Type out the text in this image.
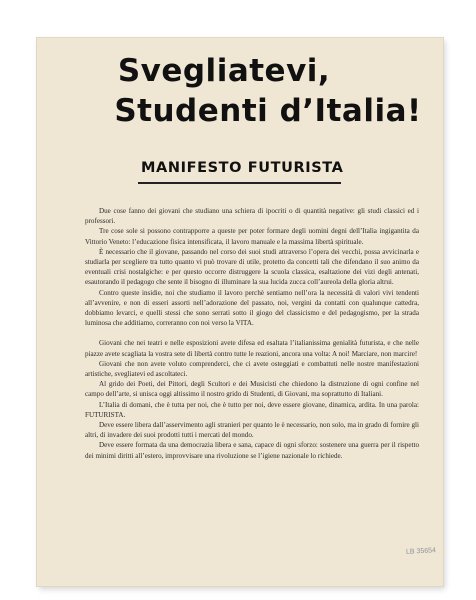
Svegliatevi,
Studenti d’Italia!
MANIFESTO FUTURISTA

Due cose fanno dei giovani che studiano una schiera di ipocriti o di quantità negative: gli studi classici ed i professori.

Tre cose sole si possono contrapporre a queste per poter formare degli uomini degni dell’Italia ingigantita da Vittorio Veneto: l’educazione fisica intensificata, il lavoro manuale e la massima libertà spirituale.

È necessario che il giovane, passando nel corso dei suoi studi attraverso l’opera dei vecchi, possa avvicinarla e studiarla per scegliere tra tutto quanto vi può trovare di utile, protetto da concetti tali che difendano il suo animo da eventuali crisi nostalgiche: e per questo occorre distruggere la scuola classica, esaltazione dei vizi degli antenati, esautorando il pedagogo che sente il bisogno di illuminare la sua lucida zucca coll’aureola della gloria altrui.

Contro queste insidie, noi che studiamo il lavoro perchè sentiamo nell’ora la necessità di valori vivi tendenti all’avvenire, e non di esseri assorti nell’adorazione del passato, noi, vergini da contatti con qualunque cattedra, dobbiamo levarci, e quelli stessi che sono serrati sotto il giogo del classicismo e del pedagogismo, per la strada luminosa che additiamo, correranno con noi verso la VITA.

Giovani che nei teatri e nelle esposizioni avete difesa ed esaltata l’italianissima genialità futurista, e che nelle piazze avete scagliata la vostra sete di libertà contro tutte le reazioni, ancora una volta: A noi! Marciare, non marcire!

Giovani che non avete voluto comprenderci, che ci avete osteggiati e combattuti nelle nostre manifestazioni artistiche, svegliatevi ed ascoltateci.

Al grido dei Poeti, dei Pittori, degli Scultori e dei Musicisti che chiedono la distruzione di ogni confine nel campo dell’arte, si unisca oggi altissimo il nostro grido di Studenti, di Giovani, ma soprattutto di Italiani.

L’Italia di domani, che è tutta per noi, che è tutto per noi, deve essere giovane, dinamica, ardita. In una parola: FUTURISTA.

Deve essere libera dall’asservimento agli stranieri per quanto le è necessario, non solo, ma in grado di fornire gli altri, di invadere dei suoi prodotti tutti i mercati del mondo.

Deve essere formata da una democrazia libera e sana, capace di ogni sforzo: sostenere una guerra per il rispetto dei minimi diritti all’estero, improvvisare una rivoluzione se l’igiene nazionale lo richiede.

LB 35654
